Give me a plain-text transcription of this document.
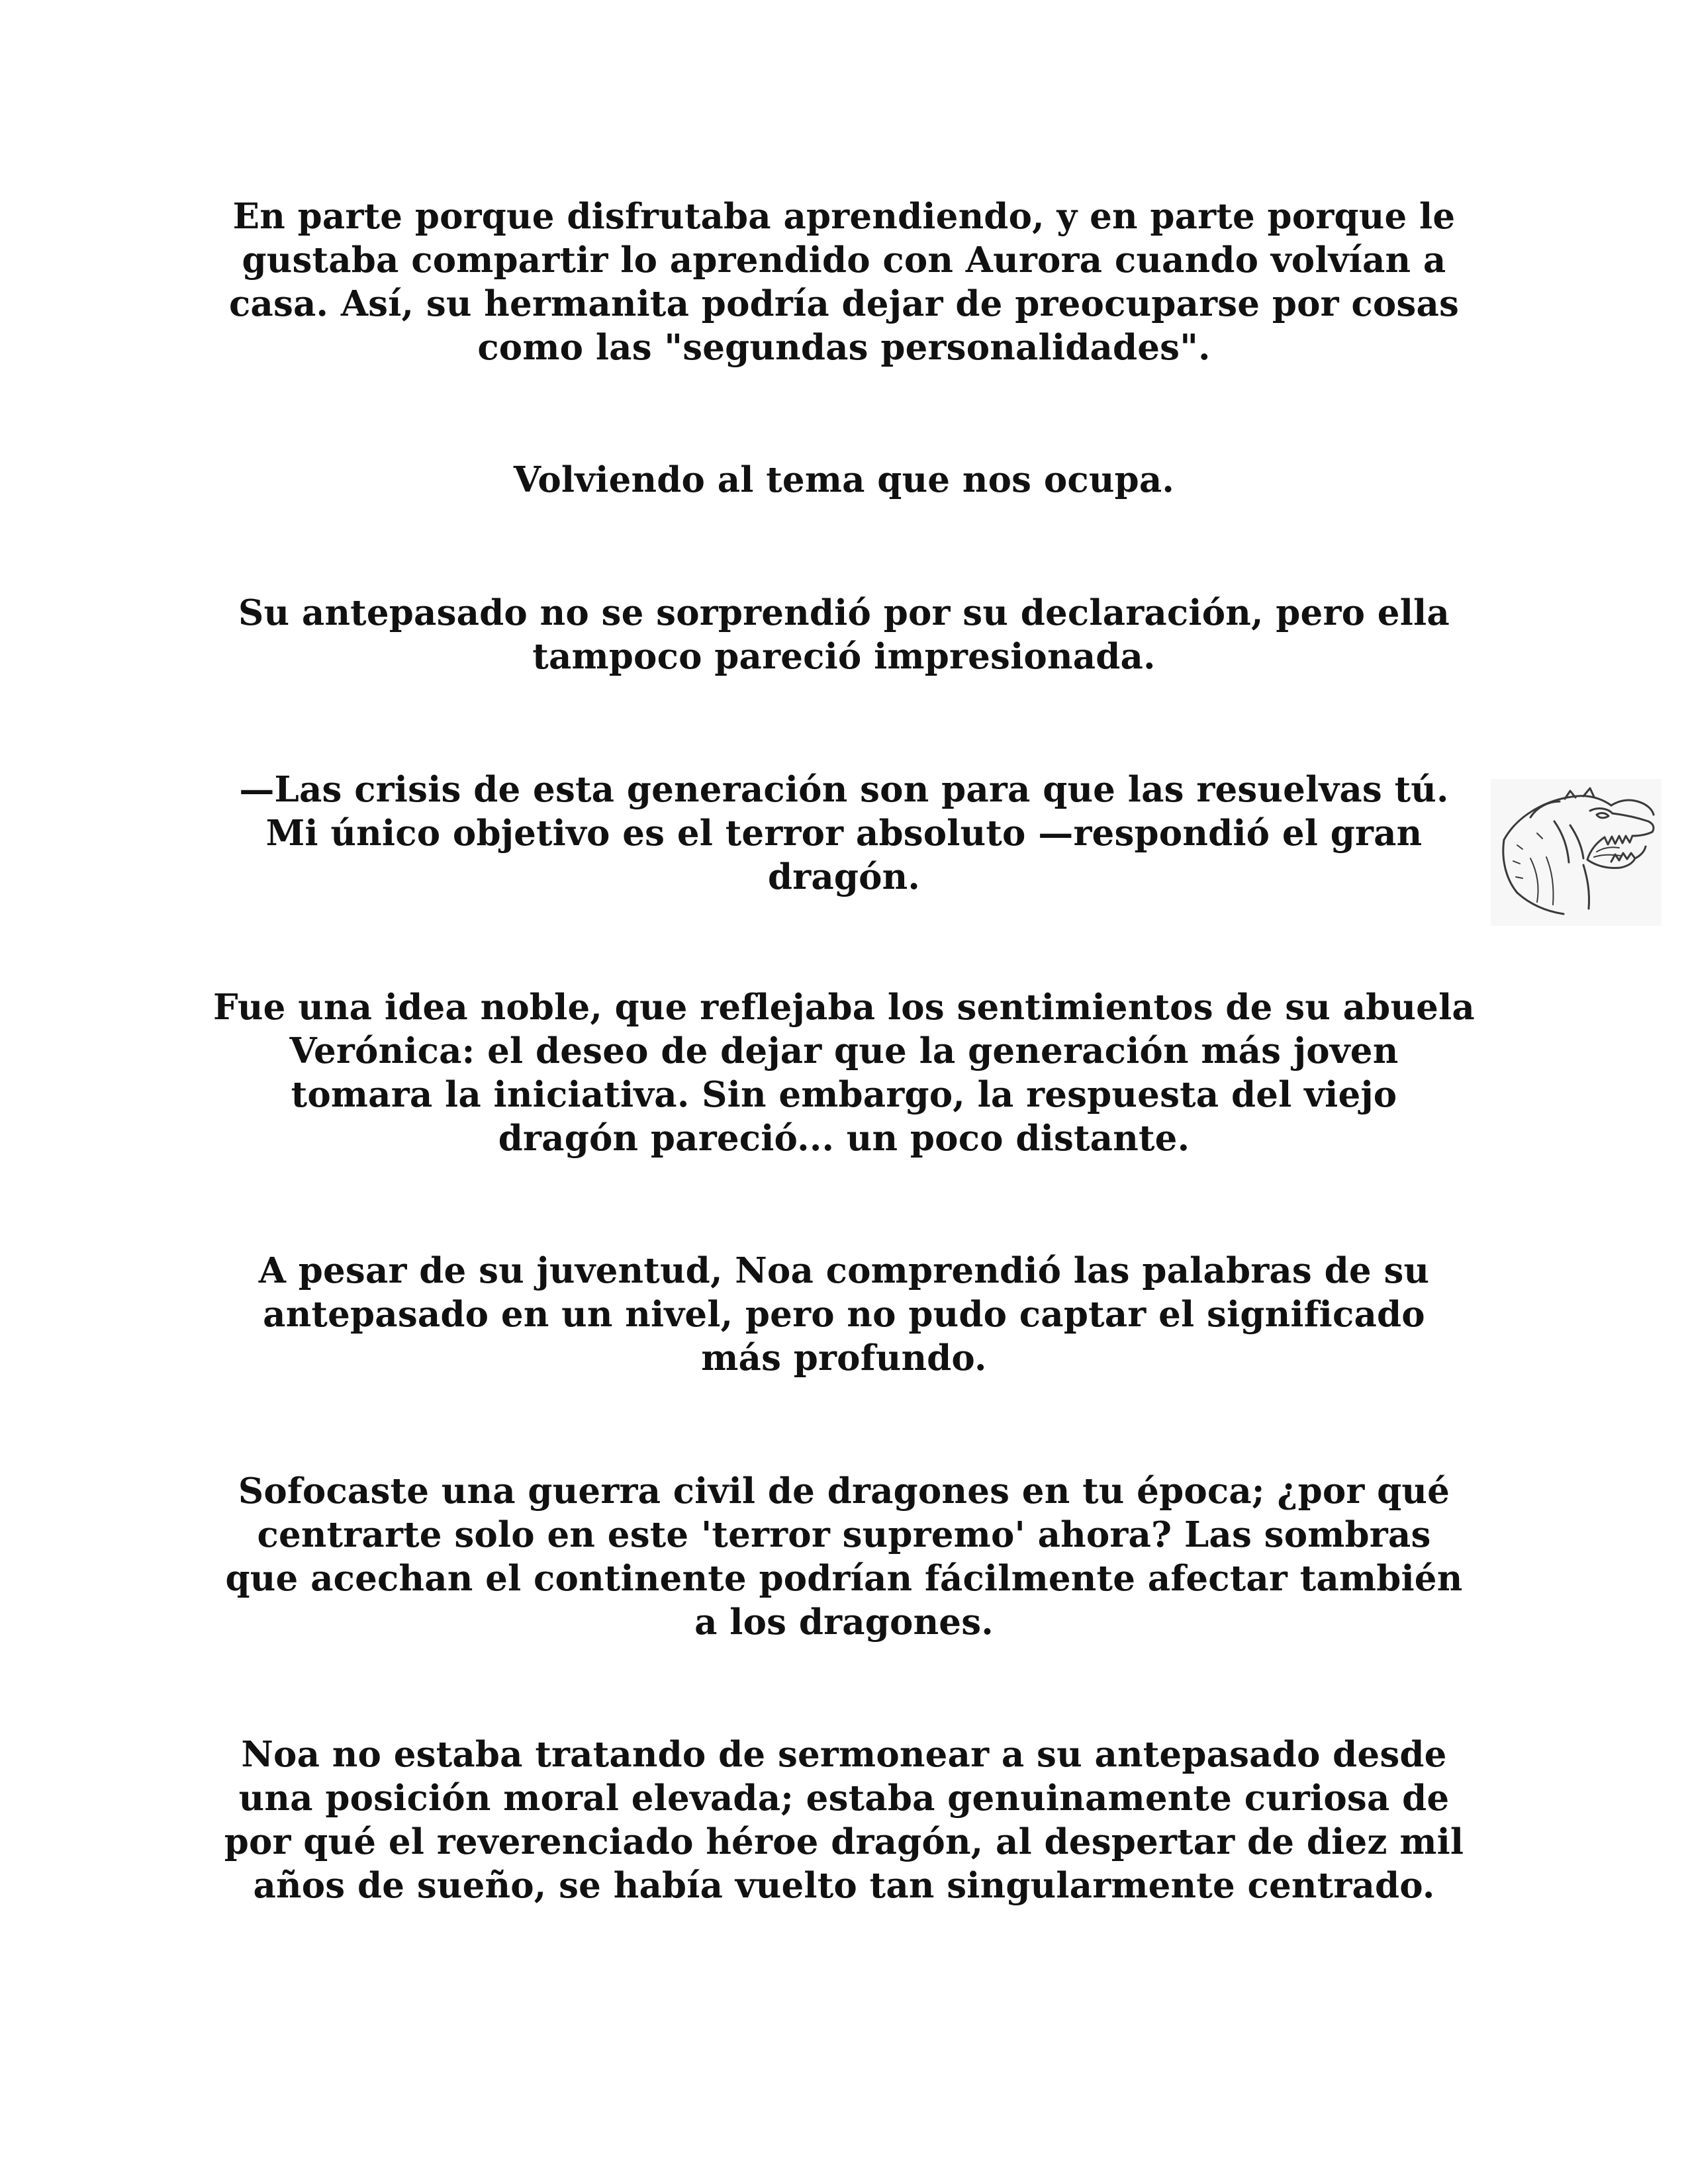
En parte porque disfrutaba aprendiendo, y en parte porque le
gustaba compartir lo aprendido con Aurora cuando volvían a
casa. Así, su hermanita podría dejar de preocuparse por cosas
como las "segundas personalidades".

Volviendo al tema que nos ocupa.

Su antepasado no se sorprendió por su declaración, pero ella
tampoco pareció impresionada.

—Las crisis de esta generación son para que las resuelvas tú.
Mi único objetivo es el terror absoluto —respondió el gran
dragón.

Fue una idea noble, que reflejaba los sentimientos de su abuela
Verónica: el deseo de dejar que la generación más joven
tomara la iniciativa. Sin embargo, la respuesta del viejo
dragón pareció... un poco distante.

A pesar de su juventud, Noa comprendió las palabras de su
antepasado en un nivel, pero no pudo captar el significado
más profundo.

Sofocaste una guerra civil de dragones en tu época; ¿por qué
centrarte solo en este 'terror supremo' ahora? Las sombras
que acechan el continente podrían fácilmente afectar también
a los dragones.

Noa no estaba tratando de sermonear a su antepasado desde
una posición moral elevada; estaba genuinamente curiosa de
por qué el reverenciado héroe dragón, al despertar de diez mil
años de sueño, se había vuelto tan singularmente centrado.
